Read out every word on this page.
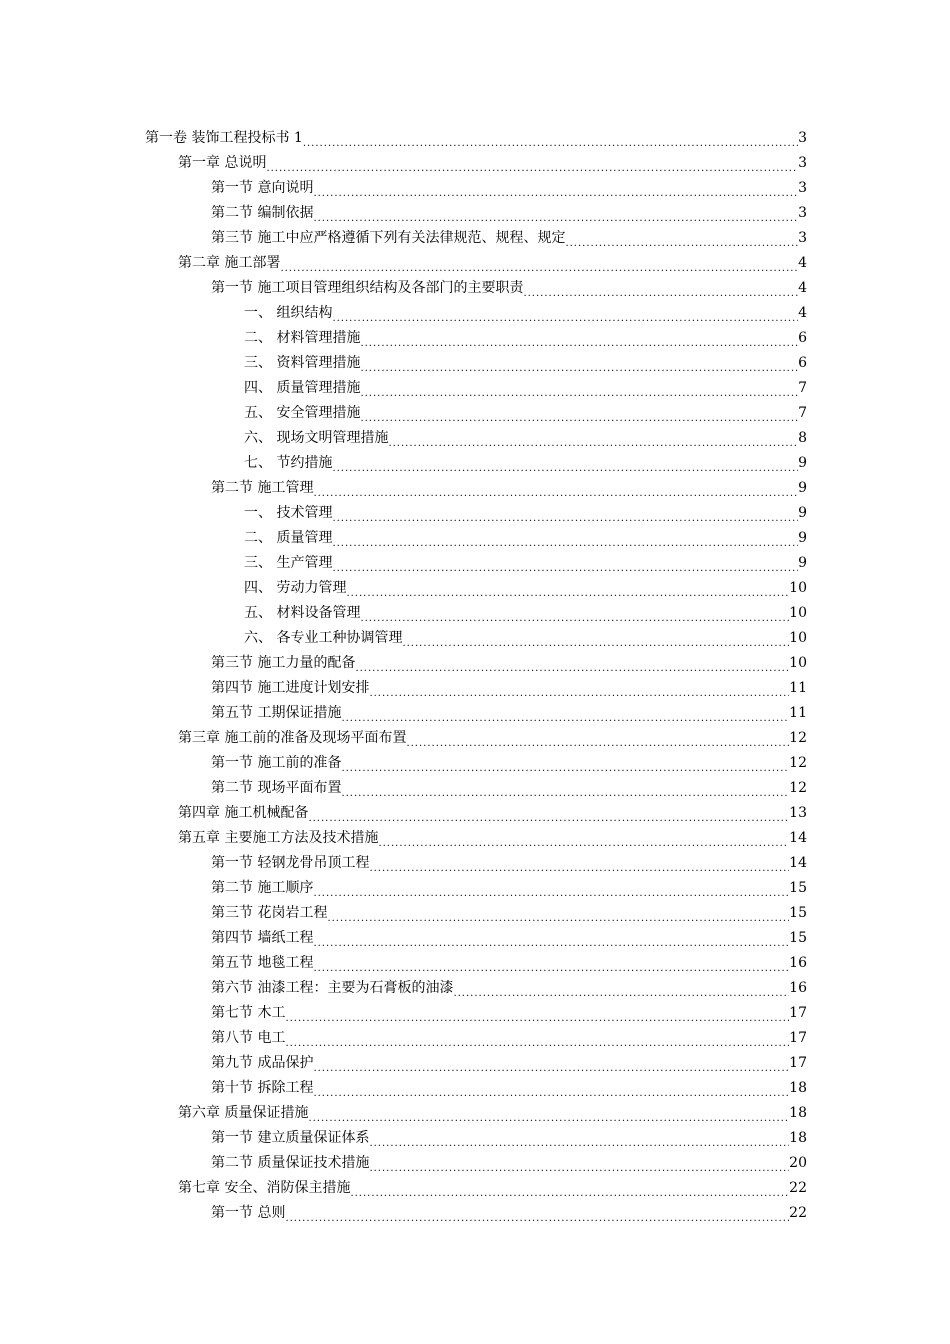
第一卷 装饰工程投标书 1 .....	3
第一章 总说明 .....	3
第一节 意向说明 .....	3
第二节 编制依据 .....	3
第三节 施工中应严格遵循下列有关法律规范、规程、规定 .....	3
第二章 施工部署 .....	4
第一节 施工项目管理组织结构及各部门的主要职责 .....	4
一、 组织结构 .....	4
二、 材料管理措施 .....	6
三、 资料管理措施 .....	6
四、 质量管理措施 .....	7
五、 安全管理措施 .....	7
六、 现场文明管理措施 .....	8
七、 节约措施 .....	9
第二节 施工管理 .....	9
一、 技术管理 .....	9
二、 质量管理 .....	9
三、 生产管理 .....	9
四、 劳动力管理 .....	10
五、 材料设备管理 .....	10
六、 各专业工种协调管理 .....	10
第三节 施工力量的配备 .....	10
第四节 施工进度计划安排 .....	11
第五节 工期保证措施 .....	11
第三章 施工前的准备及现场平面布置 .....	12
第一节 施工前的准备 .....	12
第二节 现场平面布置 .....	12
第四章 施工机械配备 .....	13
第五章 主要施工方法及技术措施 .....	14
第一节 轻钢龙骨吊顶工程 .....	14
第二节 施工顺序 .....	15
第三节 花岗岩工程 .....	15
第四节 墙纸工程 .....	15
第五节 地毯工程 .....	16
第六节 油漆工程：主要为石膏板的油漆 .....	16
第七节 木工 .....	17
第八节 电工 .....	17
第九节 成品保护 .....	17
第十节 拆除工程 .....	18
第六章 质量保证措施 .....	18
第一节 建立质量保证体系 .....	18
第二节 质量保证技术措施 .....	20
第七章 安全、消防保主措施 .....	22
第一节 总则 .....	22
